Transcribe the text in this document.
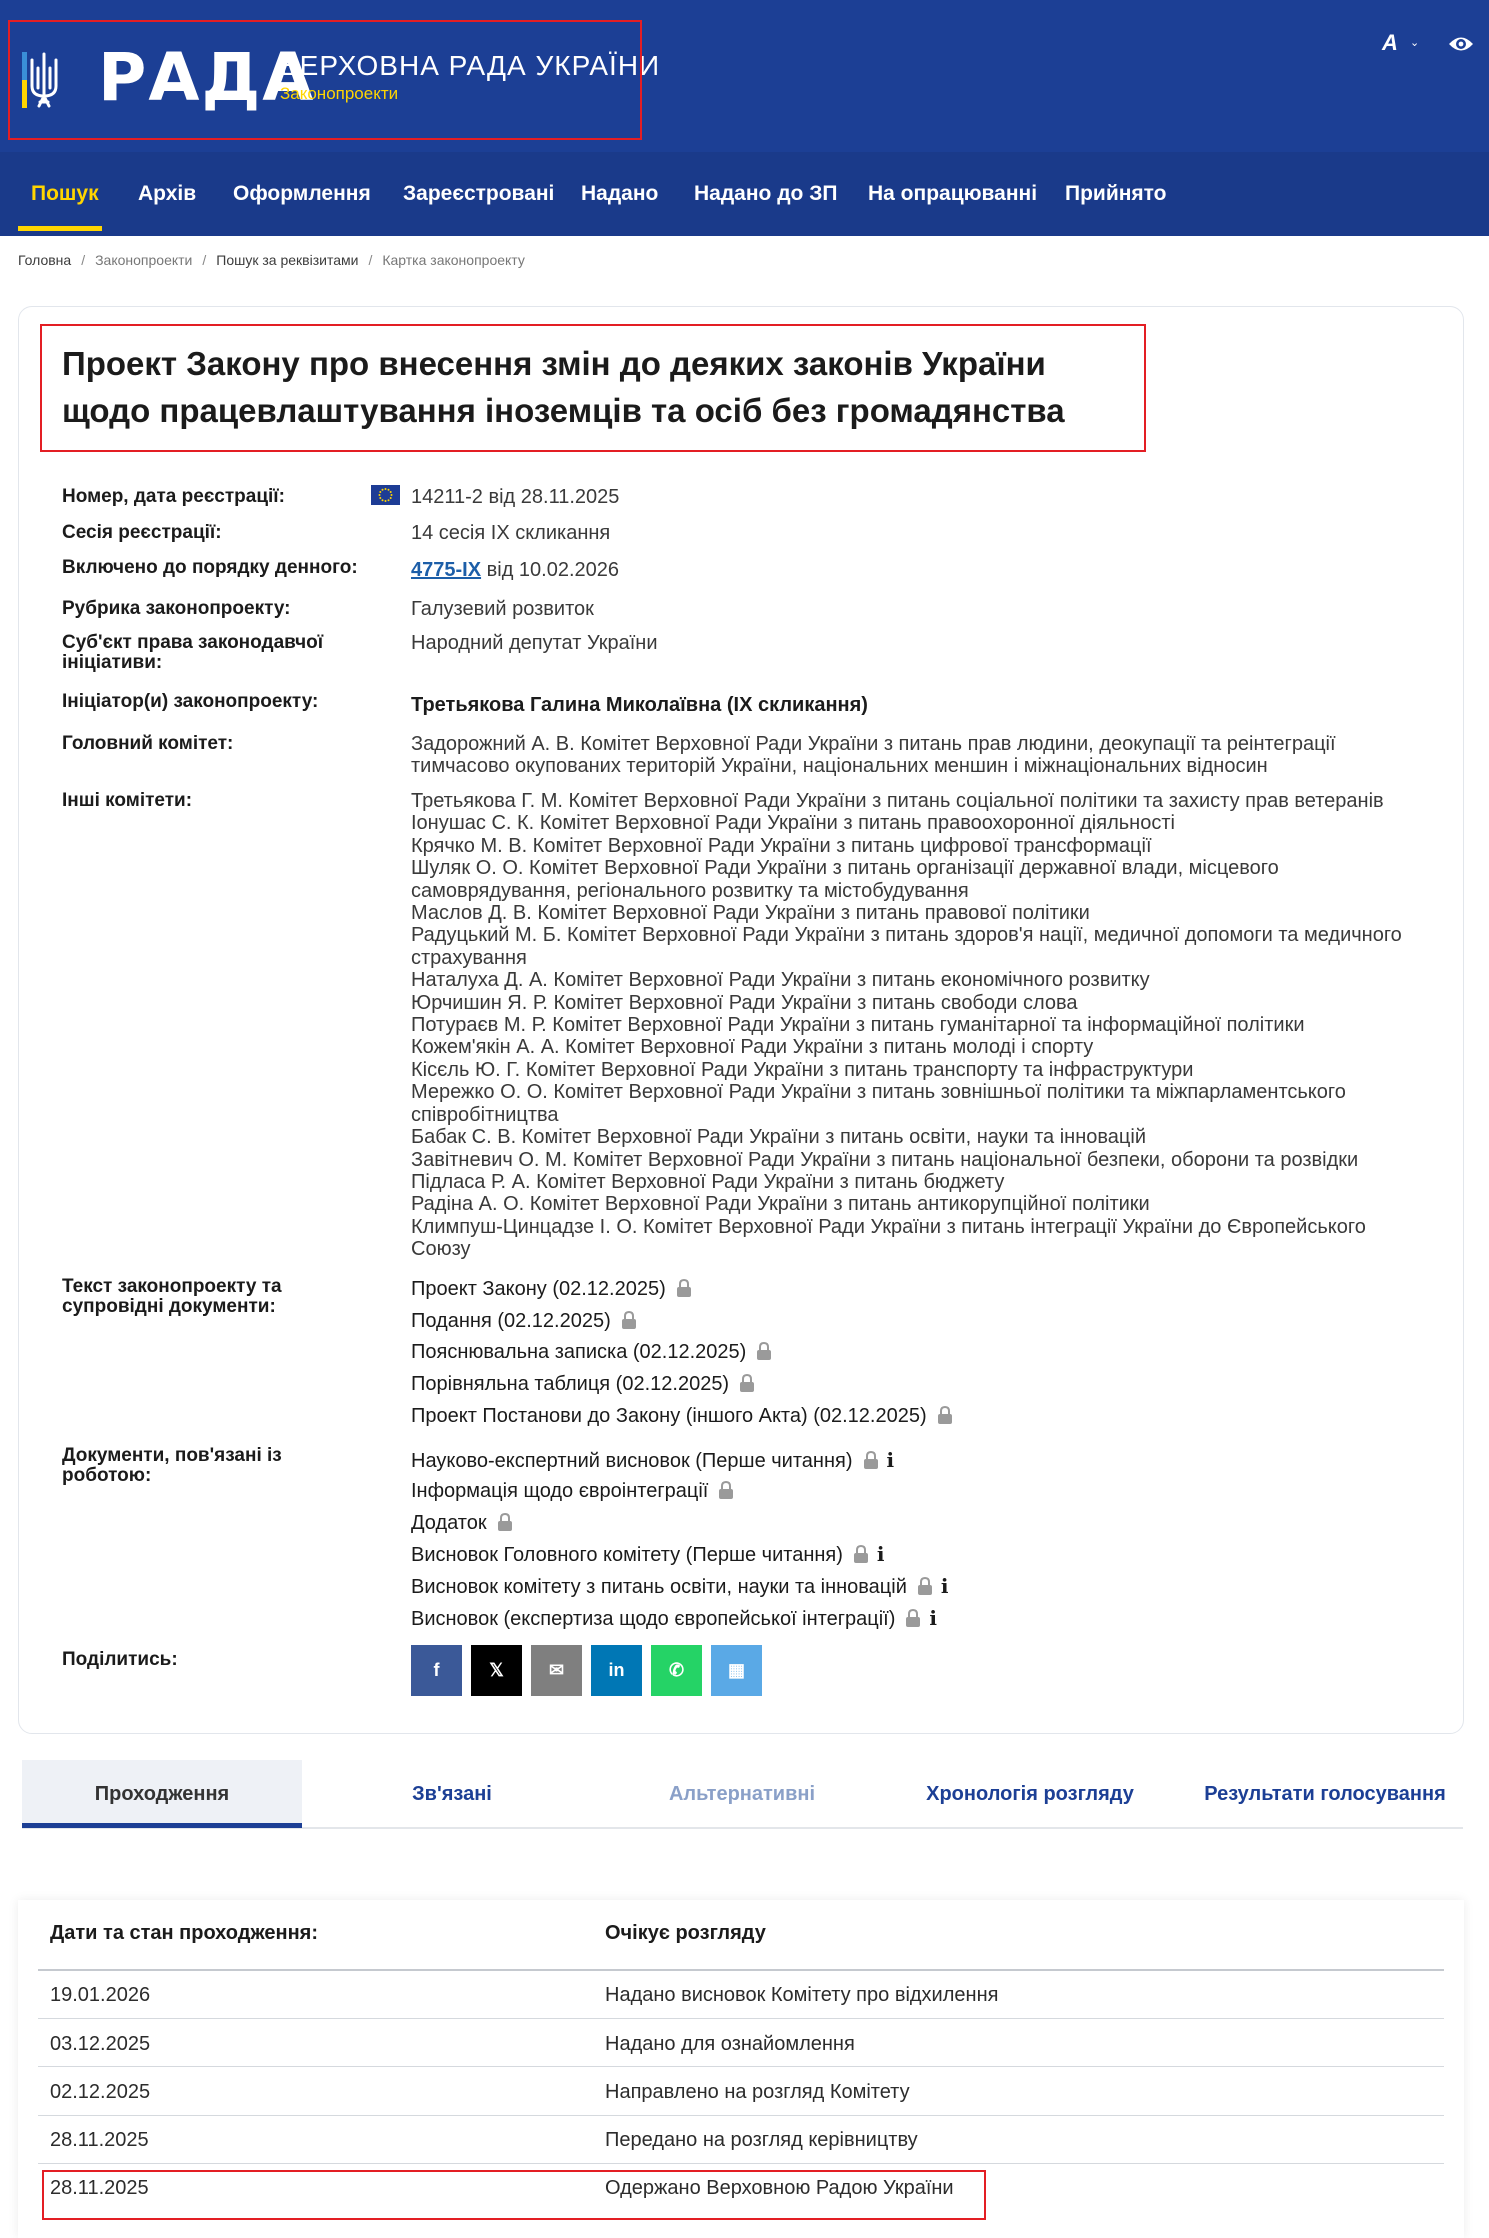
РАДА
ВЕРХОВНА РАДА УКРАЇНИ
Законопроекти
A ⌄
Пошук Архів Оформлення Зареєстровані Надано Надано до ЗП На опрацюванні Прийнято
Головна / Законопроекти / Пошук за реквізитами / Картка законопроекту
Проект Закону про внесення змін до деяких законів України щодо працевлаштування іноземців та осіб без громадянства
Номер, дата реєстрації:	14211-2 від 28.11.2025
Сесія реєстрації:	14 сесія IX скликання
Включено до порядку денного:	4775-IX від 10.02.2026
Рубрика законопроекту:	Галузевий розвиток
Суб'єкт права законодавчої ініціативи:
Народний депутат України
Ініціатор(и) законопроекту:	Третьякова Галина Миколаївна (IX скликання)
Головний комітет:	Задорожний А. В. Комітет Верховної Ради України з питань прав людини, деокупації та реінтеграції тимчасово окупованих територій України, національних меншин і міжнаціональних відносин
Інші комітети:	Третьякова Г. М. Комітет Верховної Ради України з питань соціальної політики та захисту прав ветеранів
Іонушас С. К. Комітет Верховної Ради України з питань правоохоронної діяльності
Крячко М. В. Комітет Верховної Ради України з питань цифрової трансформації
Шуляк О. О. Комітет Верховної Ради України з питань організації державної влади, місцевого самоврядування, регіонального розвитку та містобудування
Маслов Д. В. Комітет Верховної Ради України з питань правової політики
Радуцький М. Б. Комітет Верховної Ради України з питань здоров'я нації, медичної допомоги та медичного страхування
Наталуха Д. А. Комітет Верховної Ради України з питань економічного розвитку
Юрчишин Я. Р. Комітет Верховної Ради України з питань свободи слова
Потураєв М. Р. Комітет Верховної Ради України з питань гуманітарної та інформаційної політики
Кожем'якін А. А. Комітет Верховної Ради України з питань молоді і спорту
Кісєль Ю. Г. Комітет Верховної Ради України з питань транспорту та інфраструктури
Мережко О. О. Комітет Верховної Ради України з питань зовнішньої політики та міжпарламентського співробітництва
Бабак С. В. Комітет Верховної Ради України з питань освіти, науки та інновацій
Завітневич О. М. Комітет Верховної Ради України з питань національної безпеки, оборони та розвідки
Підласа Р. А. Комітет Верховної Ради України з питань бюджету
Радіна А. О. Комітет Верховної Ради України з питань антикорупційної політики
Климпуш-Цинцадзе І. О. Комітет Верховної Ради України з питань інтеграції України до Європейського Союзу
Текст законопроекту та супровідні документи:
Проект Закону (02.12.2025)
Подання (02.12.2025)
Пояснювальна записка (02.12.2025)
Порівняльна таблиця (02.12.2025)
Проект Постанови до Закону (іншого Акта) (02.12.2025)
Документи, пов'язані із роботою:
Науково-експертний висновок (Перше читання) i
Інформація щодо євроінтеграції
Додаток
Висновок Головного комітету (Перше читання) i
Висновок комітету з питань освіти, науки та інновацій i
Висновок (експертиза щодо європейської інтеграції) i
Поділитись:	f	𝕏	✉	in	✆	▦
Проходження	Зв'язані	Альтернативні	Хронологія розгляду	Результати голосування
Дати та стан проходження:	Очікує розгляду
19.01.2026	Надано висновок Комітету про відхилення
03.12.2025	Надано для ознайомлення
02.12.2025	Направлено на розгляд Комітету
28.11.2025	Передано на розгляд керівництву
28.11.2025	Одержано Верховною Радою України
